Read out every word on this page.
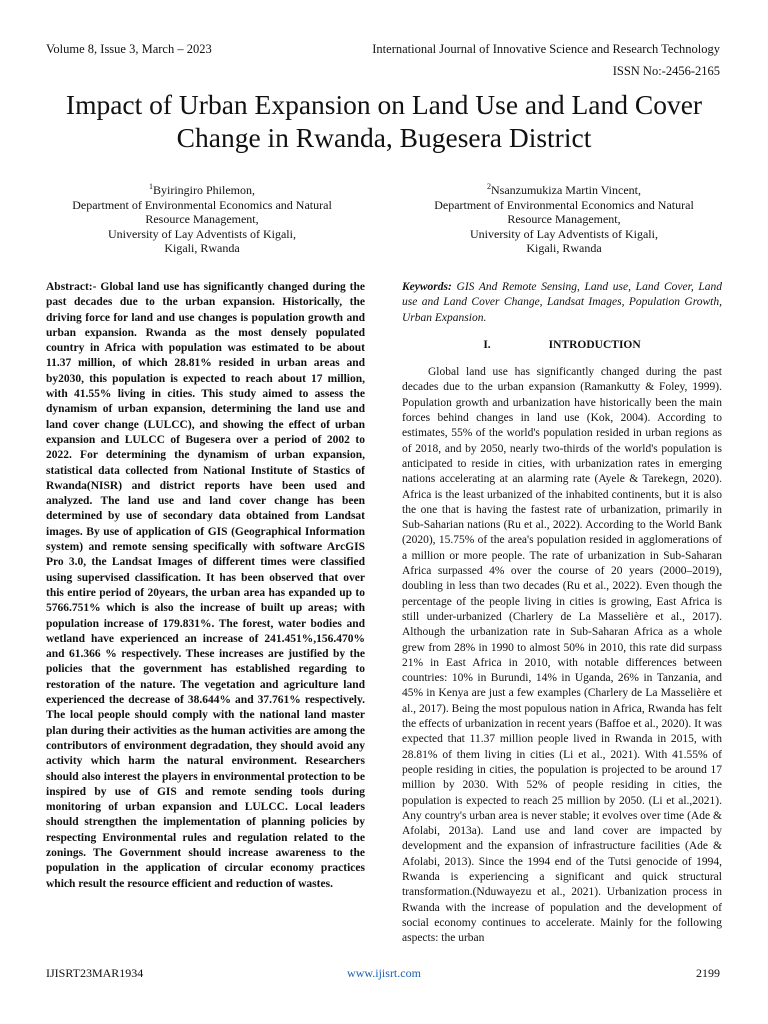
Volume 8, Issue 3, March – 2023	International Journal of Innovative Science and Research Technology
ISSN No:-2456-2165
Impact of Urban Expansion on Land Use and Land Cover Change in Rwanda, Bugesera District
$^1$Byiringiro Philemon,
Department of Environmental Economics and Natural Resource Management,
University of Lay Adventists of Kigali,
Kigali, Rwanda
$^2$Nsanzumukiza Martin Vincent,
Department of Environmental Economics and Natural Resource Management,
University of Lay Adventists of Kigali,
Kigali, Rwanda

Abstract:- Global land use has significantly changed during the past decades due to the urban expansion. Historically, the driving force for land and use changes is population growth and urban expansion. Rwanda as the most densely populated country in Africa with population was estimated to be about 11.37 million, of which 28.81% resided in urban areas and by2030, this population is expected to reach about 17 million, with 41.55% living in cities. This study aimed to assess the dynamism of urban expansion, determining the land use and land cover change (LULCC), and showing the effect of urban expansion and LULCC of Bugesera over a period of 2002 to 2022. For determining the dynamism of urban expansion, statistical data collected from National Institute of Stastics of Rwanda(NISR) and district reports have been used and analyzed. The land use and land cover change has been determined by use of secondary data obtained from Landsat images. By use of application of GIS (Geographical Information system) and remote sensing specifically with software ArcGIS Pro 3.0, the Landsat Images of different times were classified using supervised classification. It has been observed that over this entire period of 20years, the urban area has expanded up to 5766.751% which is also the increase of built up areas; with population increase of 179.831%. The forest, water bodies and wetland have experienced an increase of 241.451%,156.470% and 61.366 % respectively. These increases are justified by the policies that the government has established regarding to restoration of the nature. The vegetation and agriculture land experienced the decrease of 38.644% and 37.761% respectively. The local people should comply with the national land master plan during their activities as the human activities are among the contributors of environment degradation, they should avoid any activity which harm the natural environment. Researchers should also interest the players in environmental protection to be inspired by use of GIS and remote sending tools during monitoring of urban expansion and LULCC. Local leaders should strengthen the implementation of planning policies by respecting Environmental rules and regulation related to the zonings. The Government should increase awareness to the population in the application of circular economy practices which result the resource efficient and reduction of wastes.

Keywords: GIS And Remote Sensing, Land use, Land Cover, Land use and Land Cover Change, Landsat Images, Population Growth, Urban Expansion.

I.	INTRODUCTION

Global land use has significantly changed during the past decades due to the urban expansion (Ramankutty & Foley, 1999). Population growth and urbanization have historically been the main forces behind changes in land use (Kok, 2004). According to estimates, 55% of the world's population resided in urban regions as of 2018, and by 2050, nearly two-thirds of the world's population is anticipated to reside in cities, with urbanization rates in emerging nations accelerating at an alarming rate (Ayele & Tarekegn, 2020). Africa is the least urbanized of the inhabited continents, but it is also the one that is having the fastest rate of urbanization, primarily in Sub-Saharian nations (Ru et al., 2022). According to the World Bank (2020), 15.75% of the area's population resided in agglomerations of a million or more people. The rate of urbanization in Sub-Saharan Africa surpassed 4% over the course of 20 years (2000–2019), doubling in less than two decades (Ru et al., 2022). Even though the percentage of the people living in cities is growing, East Africa is still under-urbanized (Charlery de La Masselière et al., 2017). Although the urbanization rate in Sub-Saharan Africa as a whole grew from 28% in 1990 to almost 50% in 2010, this rate did surpass 21% in East Africa in 2010, with notable differences between countries: 10% in Burundi, 14% in Uganda, 26% in Tanzania, and 45% in Kenya are just a few examples (Charlery de La Masselière et al., 2017). Being the most populous nation in Africa, Rwanda has felt the effects of urbanization in recent years (Baffoe et al., 2020). It was expected that 11.37 million people lived in Rwanda in 2015, with 28.81% of them living in cities (Li et al., 2021). With 41.55% of people residing in cities, the population is projected to be around 17 million by 2030. With 52% of people residing in cities, the population is expected to reach 25 million by 2050. (Li et al.,2021). Any country's urban area is never stable; it evolves over time (Ade & Afolabi, 2013a). Land use and land cover are impacted by development and the expansion of infrastructure facilities (Ade & Afolabi, 2013). Since the 1994 end of the Tutsi genocide of 1994, Rwanda is experiencing a significant and quick structural transformation.(Nduwayezu et al., 2021). Urbanization process in Rwanda with the increase of population and the development of social economy continues to accelerate. Mainly for the following aspects: the urban

IJISRT23MAR1934	www.ijisrt.com	2199
